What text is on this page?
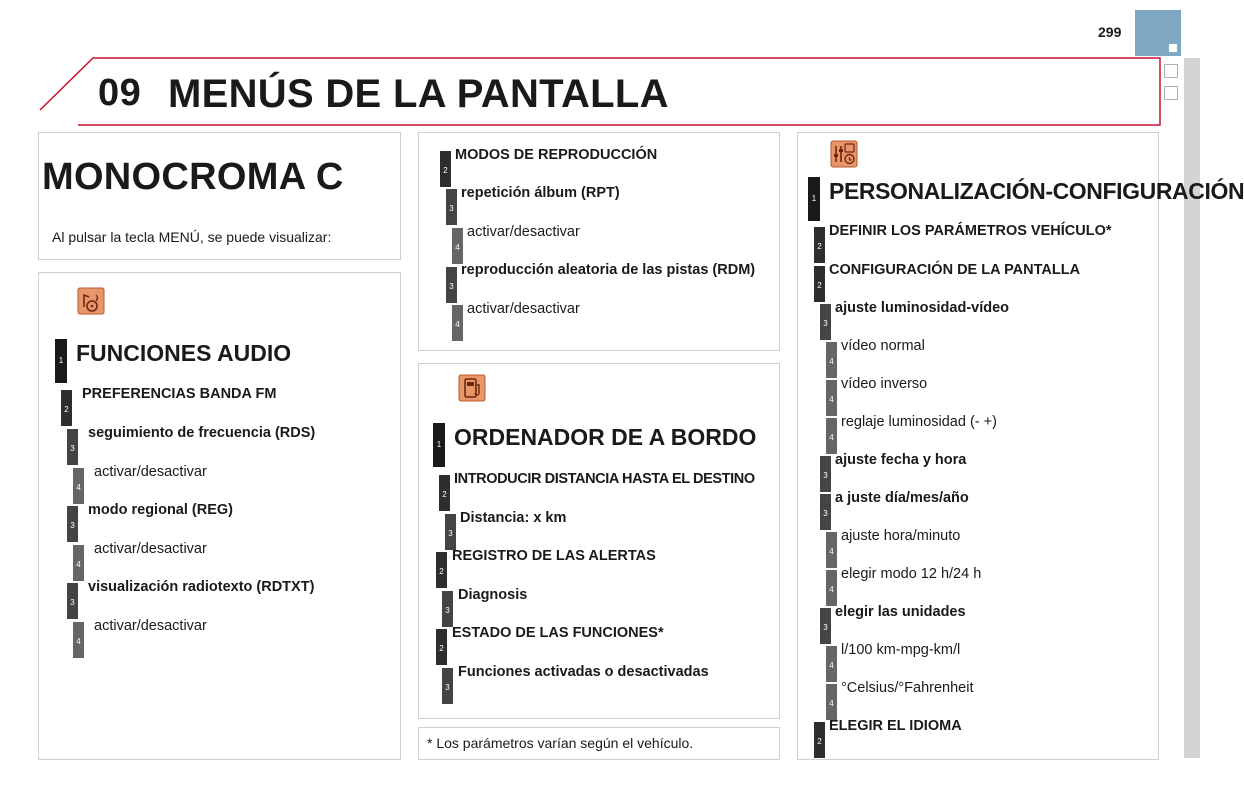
299
09 MENÚS DE LA PANTALLA
MONOCROMA C
Al pulsar la tecla MENÚ, se puede visualizar:
* Los parámetros varían según el vehículo.
1 FUNCIONES AUDIO
2
PREFERENCIAS BANDA FM
3
seguimiento de frecuencia (RDS)
4
activar/desactivar
3
modo regional (REG)
4
activar/desactivar
3
visualización radiotexto (RDTXT)
4
activar/desactivar
2
MODOS DE REPRODUCCIÓN
3
repetición álbum (RPT)
4
activar/desactivar
3
reproducción aleatoria de las pistas (RDM)
4
activar/desactivar
1 ORDENADOR DE A BORDO
2
INTRODUCIR DISTANCIA HASTA EL DESTINO
3
Distancia: x km
2
REGISTRO DE LAS ALERTAS
3
Diagnosis
2
ESTADO DE LAS FUNCIONES*
3
Funciones activadas o desactivadas
1 PERSONALIZACIÓN-CONFIGURACIÓN
2
DEFINIR LOS PARÁMETROS VEHÍCULO*
2
CONFIGURACIÓN DE LA PANTALLA
3
ajuste luminosidad-vídeo
4
vídeo normal
4
vídeo inverso
4
reglaje luminosidad (- +)
3
ajuste fecha y hora
3
a juste día/mes/año
4
ajuste hora/minuto
4
elegir modo 12 h/24 h
3
elegir las unidades
4
l/100 km-mpg-km/l
4
°Celsius/°Fahrenheit
2
ELEGIR EL IDIOMA
